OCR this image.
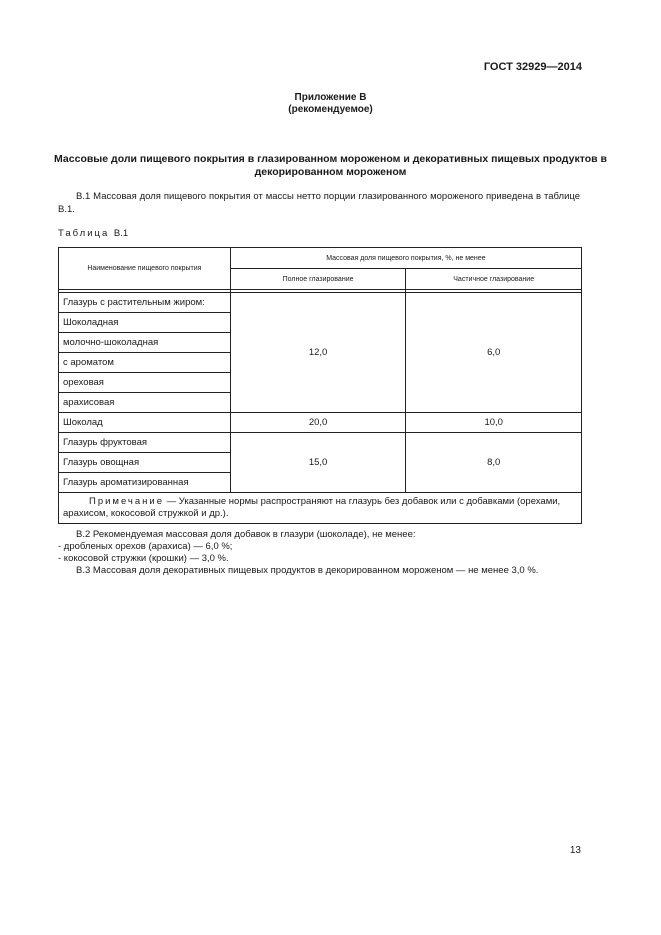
ГОСТ 32929—2014
Приложение В
(рекомендуемое)
Массовые доли пищевого покрытия в глазированном мороженом и декоративных пищевых продуктов в декорированном мороженом
В.1 Массовая доля пищевого покрытия от массы нетто порции глазированного мороженого приведена в таблице В.1.
Таблица В.1
Наименование пищевого покрытия	Массовая доля пищевого покрытия, %, не менее	
	Полное глазирование	Частичное глазирование

Глазурь с растительным жиром:	12,0	6,0
Шоколадная		
молочно-шоколадная		
с ароматом		
ореховая		
арахисовая		
Шоколад	20,0	10,0
Глазурь фруктовая	15,0	8,0
Глазурь овощная		
Глазурь ароматизированная		
Примечание — Указанные нормы распространяют на глазурь без добавок или с добавками (орехами, арахисом, кокосовой стружкой и др.).		
В.2 Рекомендуемая массовая доля добавок в глазури (шоколаде), не менее:
- дробленых орехов (арахиса) — 6,0 %;
- кокосовой стружки (крошки) — 3,0 %.
В.3 Массовая доля декоративных пищевых продуктов в декорированном мороженом — не менее 3,0 %.
13
